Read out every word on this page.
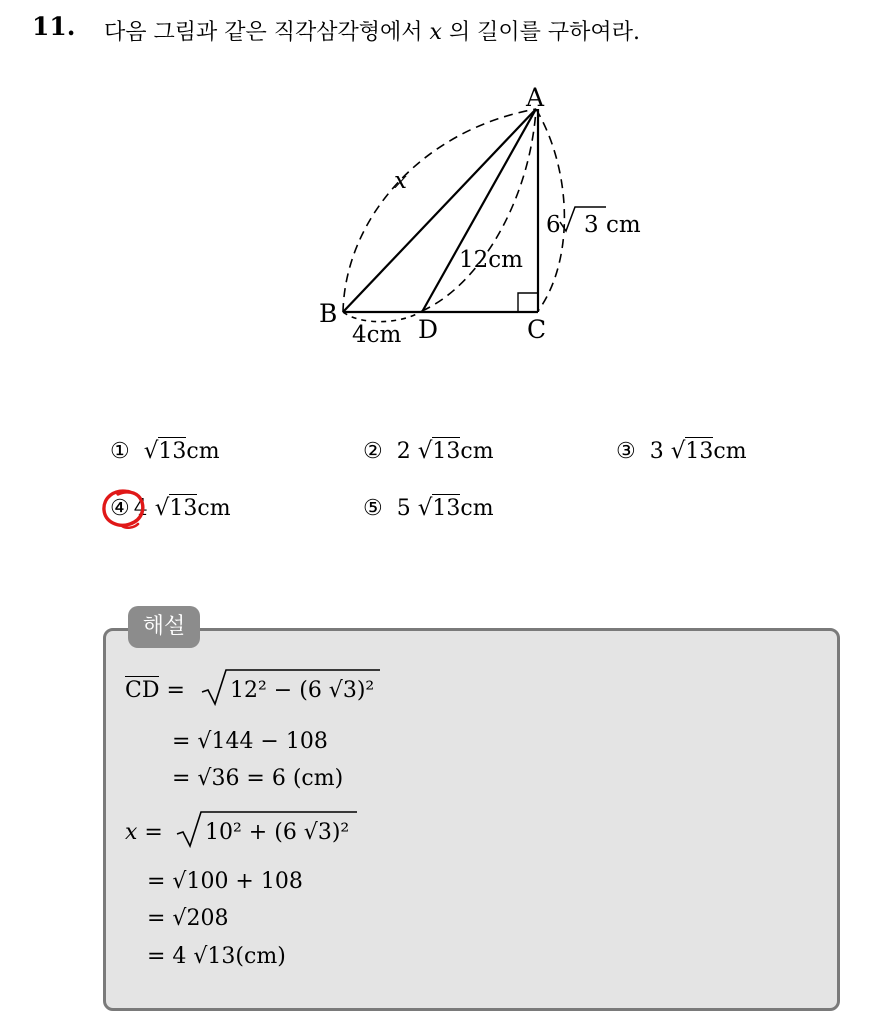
11. 다음 그림과 같은 직각삼각형에서 x 의 길이를 구하여라.
A
B
D	C
x
12cm
4cm
6 3 cm
① √ 13 cm	② 2
√ 13 cm	③ 3
√ 13 cm
④ 4
√ 13 cm	⑤ 5
√ 13 cm
해설
CD = 12² − (6 √3)²
= √144 − 108
= √36 = 6 (cm)
x = 10² + (6 √3)²
= √100 + 108
= √208
= 4 √13(cm)
